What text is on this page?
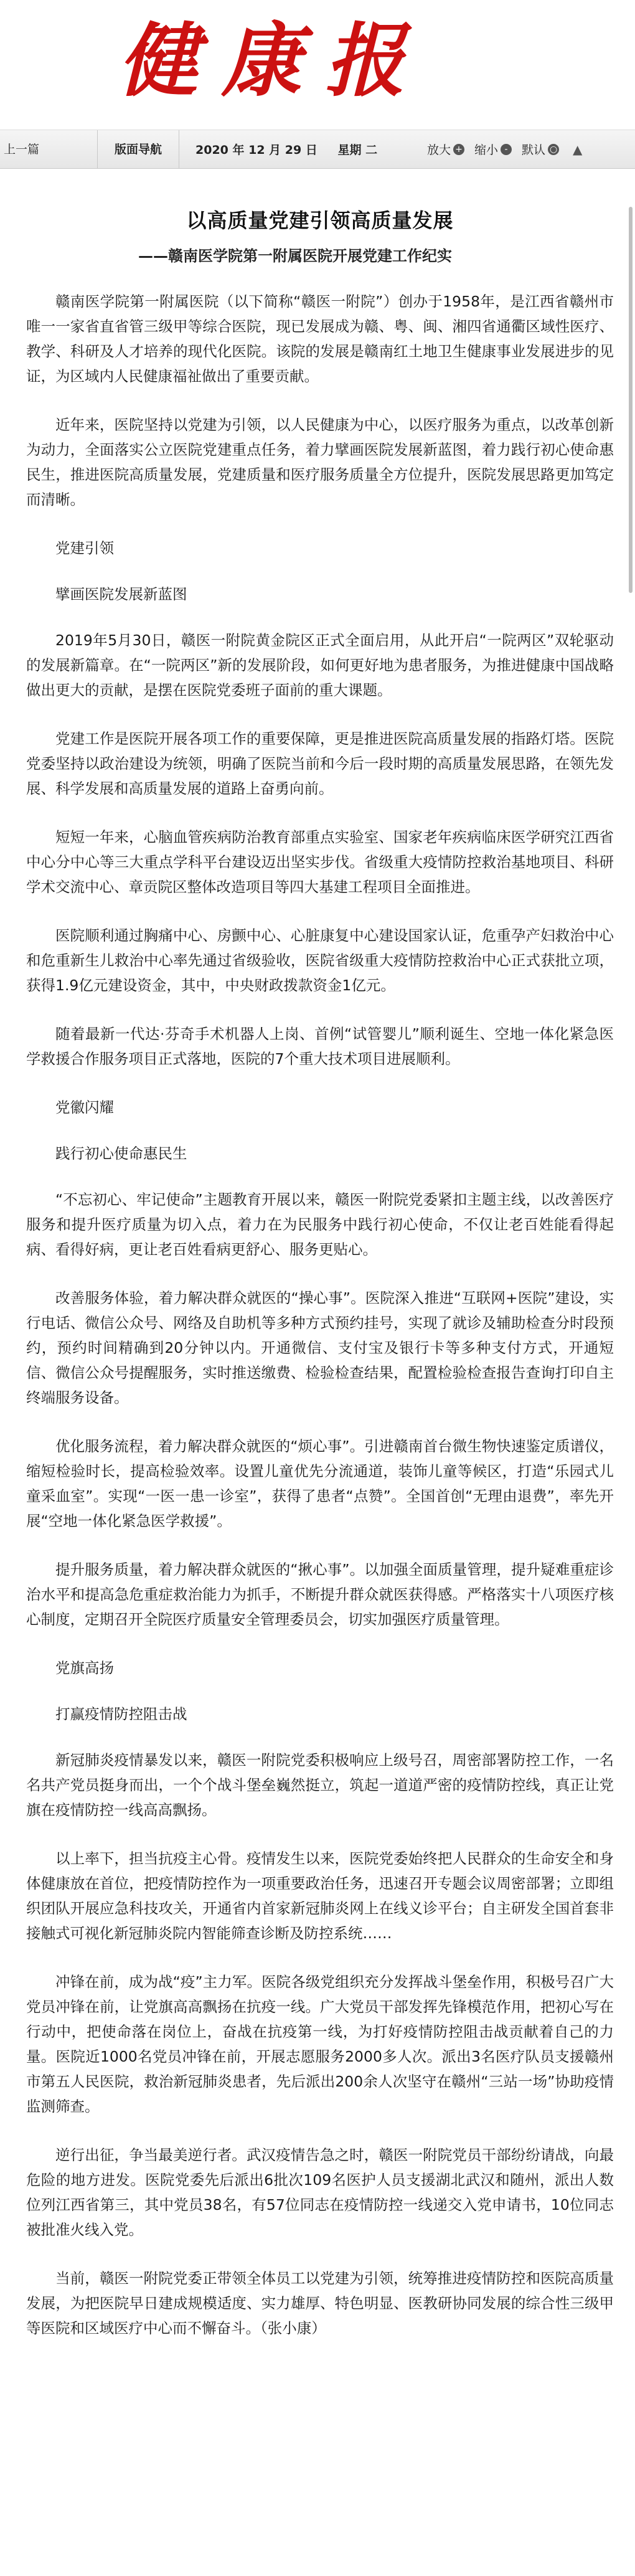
健康报
上一篇	版面导航	2020 年 12 月 29 日 星期 二	放大 + 缩小 -	默认 ○ ▲
以高质量党建引领高质量发展
——赣南医学院第一附属医院开展党建工作纪实

赣南医学院第一附属医院（以下简称“赣医一附院”）创办于1958年，是江西省赣州市唯一一家省直省管三级甲等综合医院，现已发展成为赣、粤、闽、湘四省通衢区域性医疗、教学、科研及人才培养的现代化医院。该院的发展是赣南红土地卫生健康事业发展进步的见证，为区域内人民健康福祉做出了重要贡献。

近年来，医院坚持以党建为引领，以人民健康为中心，以医疗服务为重点，以改革创新为动力，全面落实公立医院党建重点任务，着力擘画医院发展新蓝图，着力践行初心使命惠民生，推进医院高质量发展，党建质量和医疗服务质量全方位提升，医院发展思路更加笃定而清晰。

党建引领
擘画医院发展新蓝图

2019年5月30日，赣医一附院黄金院区正式全面启用，从此开启“一院两区”双轮驱动的发展新篇章。在“一院两区”新的发展阶段，如何更好地为患者服务，为推进健康中国战略做出更大的贡献，是摆在医院党委班子面前的重大课题。

党建工作是医院开展各项工作的重要保障，更是推进医院高质量发展的指路灯塔。医院党委坚持以政治建设为统领，明确了医院当前和今后一段时期的高质量发展思路，在领先发展、科学发展和高质量发展的道路上奋勇向前。

短短一年来，心脑血管疾病防治教育部重点实验室、国家老年疾病临床医学研究江西省中心分中心等三大重点学科平台建设迈出坚实步伐。省级重大疫情防控救治基地项目、科研学术交流中心、章贡院区整体改造项目等四大基建工程项目全面推进。

医院顺利通过胸痛中心、房颤中心、心脏康复中心建设国家认证，危重孕产妇救治中心和危重新生儿救治中心率先通过省级验收，医院省级重大疫情防控救治中心正式获批立项，获得1.9亿元建设资金，其中，中央财政拨款资金1亿元。

随着最新一代达·芬奇手术机器人上岗、首例“试管婴儿”顺利诞生、空地一体化紧急医学救援合作服务项目正式落地，医院的7个重大技术项目进展顺利。

党徽闪耀
践行初心使命惠民生

“不忘初心、牢记使命”主题教育开展以来，赣医一附院党委紧扣主题主线，以改善医疗服务和提升医疗质量为切入点，着力在为民服务中践行初心使命，不仅让老百姓能看得起病、看得好病，更让老百姓看病更舒心、服务更贴心。

改善服务体验，着力解决群众就医的“操心事”。医院深入推进“互联网+医院”建设，实行电话、微信公众号、网络及自助机等多种方式预约挂号，实现了就诊及辅助检查分时段预约，预约时间精确到20分钟以内。开通微信、支付宝及银行卡等多种支付方式，开通短信、微信公众号提醒服务，实时推送缴费、检验检查结果，配置检验检查报告查询打印自主终端服务设备。

优化服务流程，着力解决群众就医的“烦心事”。引进赣南首台微生物快速鉴定质谱仪，缩短检验时长，提高检验效率。设置儿童优先分流通道，装饰儿童等候区，打造“乐园式儿童采血室”。实现“一医一患一诊室”，获得了患者“点赞”。全国首创“无理由退费”，率先开展“空地一体化紧急医学救援”。

提升服务质量，着力解决群众就医的“揪心事”。以加强全面质量管理，提升疑难重症诊治水平和提高急危重症救治能力为抓手，不断提升群众就医获得感。严格落实十八项医疗核心制度，定期召开全院医疗质量安全管理委员会，切实加强医疗质量管理。

党旗高扬
打赢疫情防控阻击战

新冠肺炎疫情暴发以来，赣医一附院党委积极响应上级号召，周密部署防控工作，一名名共产党员挺身而出，一个个战斗堡垒巍然挺立，筑起一道道严密的疫情防控线，真正让党旗在疫情防控一线高高飘扬。

以上率下，担当抗疫主心骨。疫情发生以来，医院党委始终把人民群众的生命安全和身体健康放在首位，把疫情防控作为一项重要政治任务，迅速召开专题会议周密部署；立即组织团队开展应急科技攻关，开通省内首家新冠肺炎网上在线义诊平台；自主研发全国首套非接触式可视化新冠肺炎院内智能筛查诊断及防控系统……

冲锋在前，成为战“疫”主力军。医院各级党组织充分发挥战斗堡垒作用，积极号召广大党员冲锋在前，让党旗高高飘扬在抗疫一线。广大党员干部发挥先锋模范作用，把初心写在行动中，把使命落在岗位上，奋战在抗疫第一线，为打好疫情防控阻击战贡献着自己的力量。医院近1000名党员冲锋在前，开展志愿服务2000多人次。派出3名医疗队员支援赣州市第五人民医院，救治新冠肺炎患者，先后派出200余人次坚守在赣州“三站一场”协助疫情监测筛查。

逆行出征，争当最美逆行者。武汉疫情告急之时，赣医一附院党员干部纷纷请战，向最危险的地方进发。医院党委先后派出6批次109名医护人员支援湖北武汉和随州，派出人数位列江西省第三，其中党员38名，有57位同志在疫情防控一线递交入党申请书，10位同志被批准火线入党。

当前，赣医一附院党委正带领全体员工以党建为引领，统筹推进疫情防控和医院高质量发展，为把医院早日建成规模适度、实力雄厚、特色明显、医教研协同发展的综合性三级甲等医院和区域医疗中心而不懈奋斗。（张小康）
